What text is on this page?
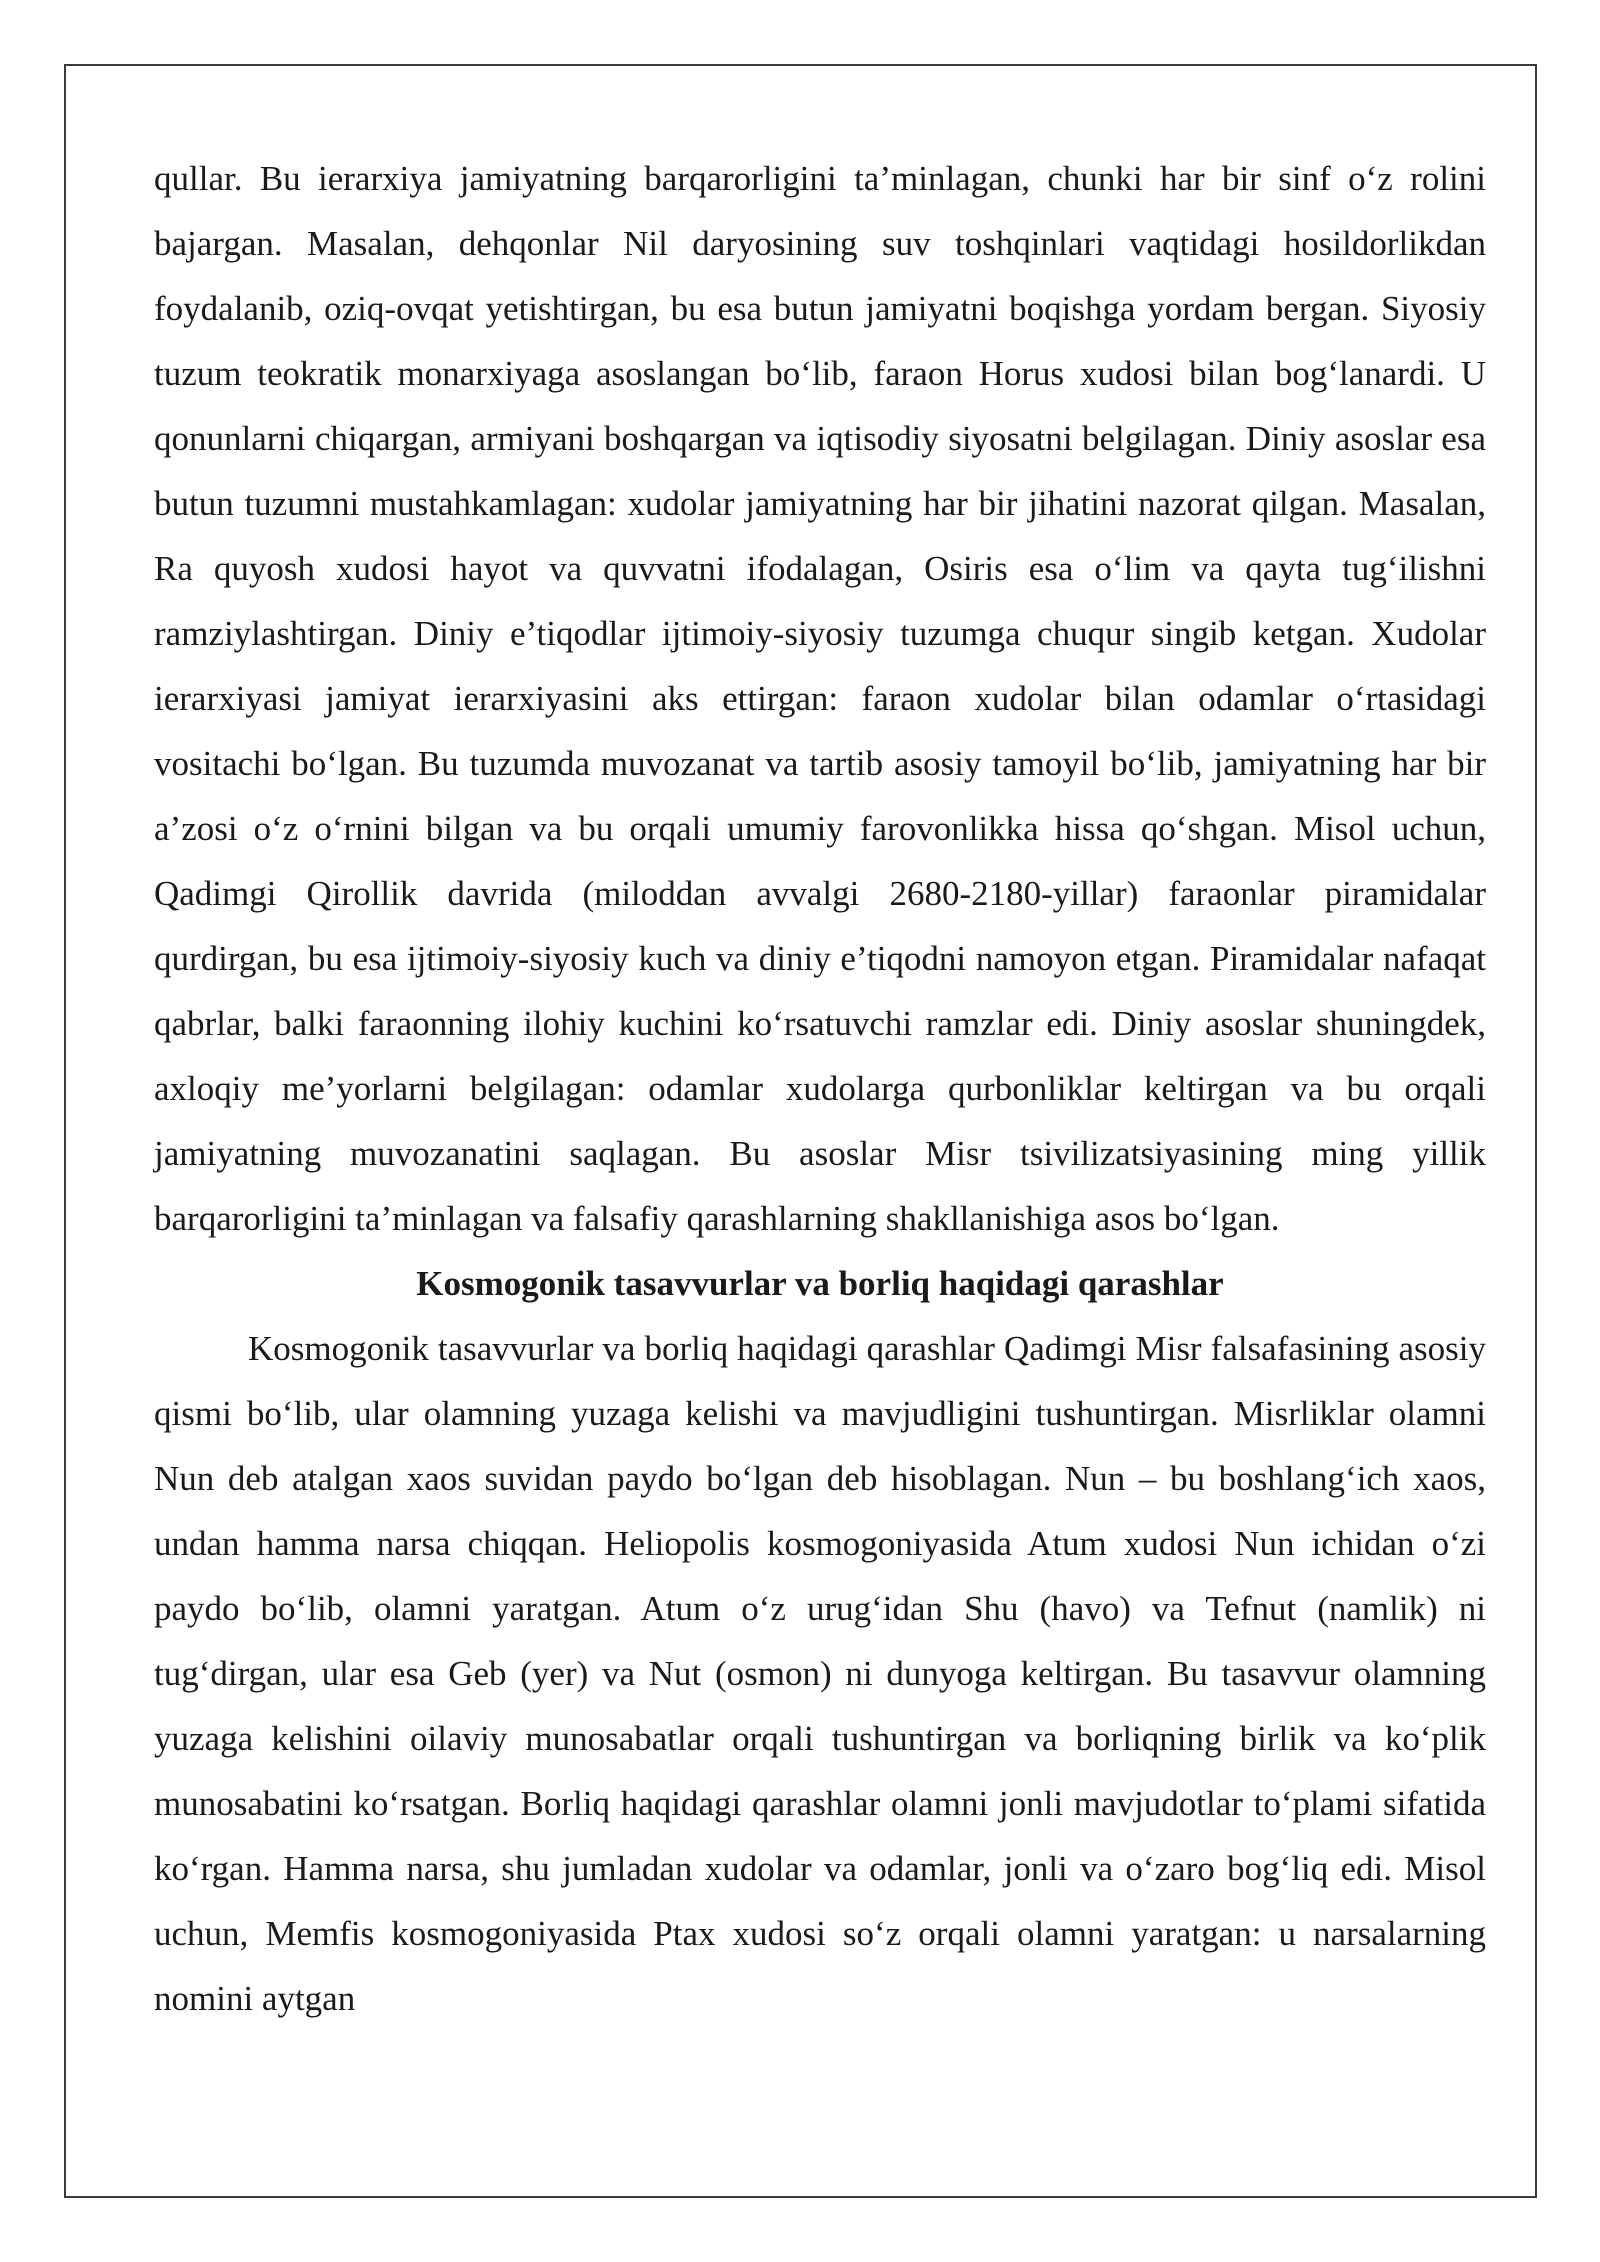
qullar. Bu ierarxiya jamiyatning barqarorligini ta’minlagan, chunki har bir sinf o‘z rolini bajargan. Masalan, dehqonlar Nil daryosining suv toshqinlari vaqtidagi hosildorlikdan foydalanib, oziq-ovqat yetishtirgan, bu esa butun jamiyatni boqishga yordam bergan. Siyosiy tuzum teokratik monarxiyaga asoslangan bo‘lib, faraon Horus xudosi bilan bog‘lanardi. U qonunlarni chiqargan, armiyani boshqargan va iqtisodiy siyosatni belgilagan. Diniy asoslar esa butun tuzumni mustahkamlagan: xudolar jamiyatning har bir jihatini nazorat qilgan. Masalan, Ra quyosh xudosi hayot va quvvatni ifodalagan, Osiris esa o‘lim va qayta tug‘ilishni ramziylashtirgan. Diniy e’tiqodlar ijtimoiy-siyosiy tuzumga chuqur singib ketgan. Xudolar ierarxiyasi jamiyat ierarxiyasini aks ettirgan: faraon xudolar bilan odamlar o‘rtasidagi vositachi bo‘lgan. Bu tuzumda muvozanat va tartib asosiy tamoyil bo‘lib, jamiyatning har bir a’zosi o‘z o‘rnini bilgan va bu orqali umumiy farovonlikka hissa qo‘shgan. Misol uchun, Qadimgi Qirollik davrida (miloddan avvalgi 2680-2180-yillar) faraonlar piramidalar qurdirgan, bu esa ijtimoiy-siyosiy kuch va diniy e’tiqodni namoyon etgan. Piramidalar nafaqat qabrlar, balki faraonning ilohiy kuchini ko‘rsatuvchi ramzlar edi. Diniy asoslar shuningdek, axloqiy me’yorlarni belgilagan: odamlar xudolarga qurbonliklar keltirgan va bu orqali jamiyatning muvozanatini saqlagan. Bu asoslar Misr tsivilizatsiyasining ming yillik barqarorligini ta’minlagan va falsafiy qarashlarning shakllanishiga asos bo‘lgan.

Kosmogonik tasavvurlar va borliq haqidagi qarashlar

Kosmogonik tasavvurlar va borliq haqidagi qarashlar Qadimgi Misr falsafasining asosiy qismi bo‘lib, ular olamning yuzaga kelishi va mavjudligini tushuntirgan. Misrliklar olamni Nun deb atalgan xaos suvidan paydo bo‘lgan deb hisoblagan. Nun – bu boshlang‘ich xaos, undan hamma narsa chiqqan. Heliopolis kosmogoniyasida Atum xudosi Nun ichidan o‘zi paydo bo‘lib, olamni yaratgan. Atum o‘z urug‘idan Shu (havo) va Tefnut (namlik) ni tug‘dirgan, ular esa Geb (yer) va Nut (osmon) ni dunyoga keltirgan. Bu tasavvur olamning yuzaga kelishini oilaviy munosabatlar orqali tushuntirgan va borliqning birlik va ko‘plik munosabatini ko‘rsatgan. Borliq haqidagi qarashlar olamni jonli mavjudotlar to‘plami sifatida ko‘rgan. Hamma narsa, shu jumladan xudolar va odamlar, jonli va o‘zaro bog‘liq edi. Misol uchun, Memfis kosmogoniyasida Ptax xudosi so‘z orqali olamni yaratgan: u narsalarning nomini aytgan
